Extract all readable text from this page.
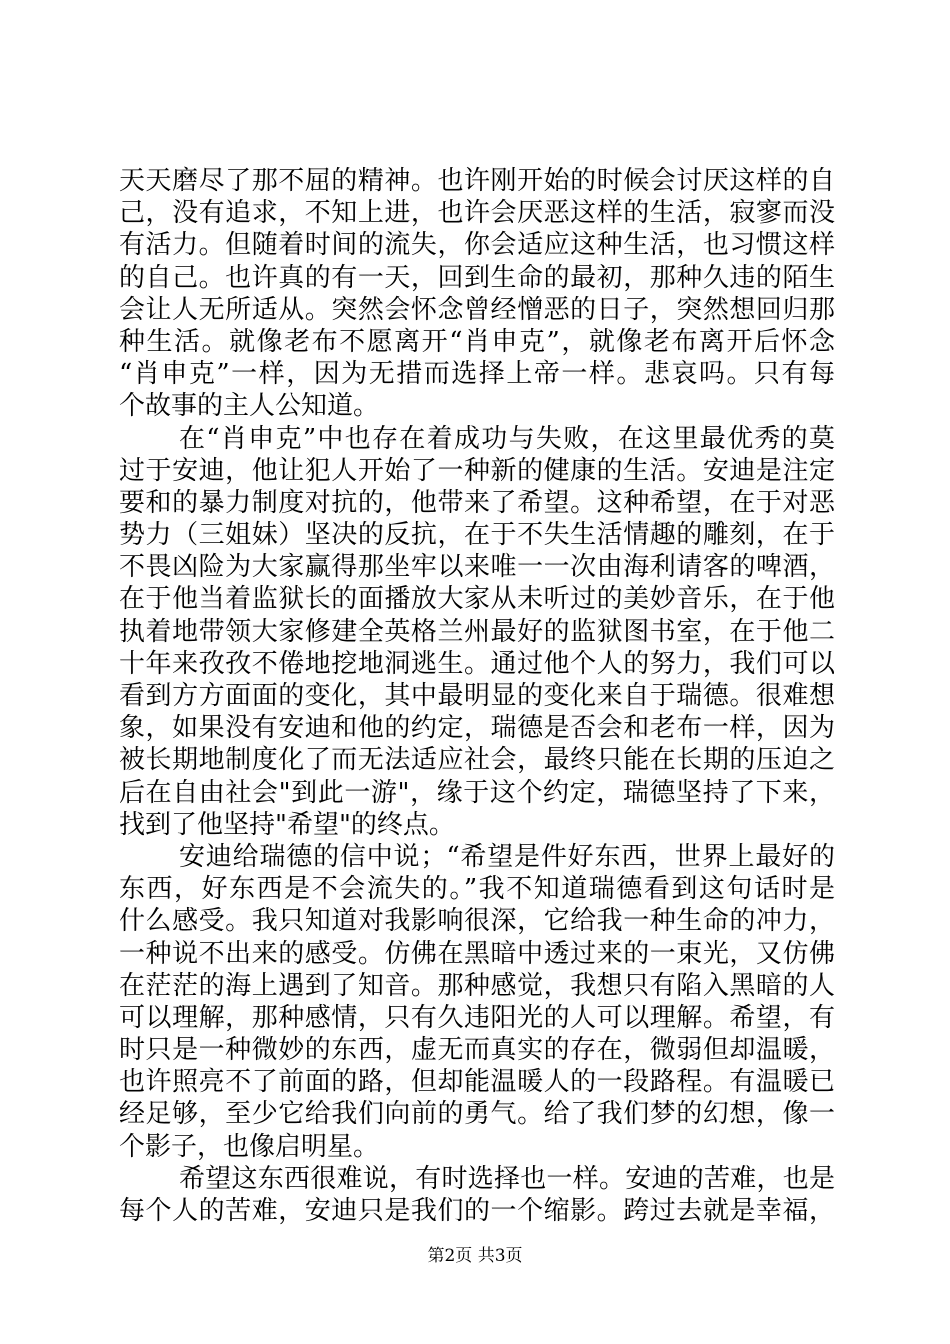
天天磨尽了那不屈的精神。也许刚开始的时候会讨厌这样的自
己，没有追求，不知上进，也许会厌恶这样的生活，寂寥而没
有活力。但随着时间的流失，你会适应这种生活，也习惯这样
的自己。也许真的有一天，回到生命的最初，那种久违的陌生
会让人无所适从。突然会怀念曾经憎恶的日子，突然想回归那
种生活。就像老布不愿离开“肖申克”，就像老布离开后怀念
“肖申克”一样，因为无措而选择上帝一样。悲哀吗。只有每
个故事的主人公知道。
在“肖申克”中也存在着成功与失败，在这里最优秀的莫
过于安迪，他让犯人开始了一种新的健康的生活。安迪是注定
要和的暴力制度对抗的，他带来了希望。这种希望，在于对恶
势力（三姐妹）坚决的反抗，在于不失生活情趣的雕刻，在于
不畏凶险为大家赢得那坐牢以来唯一一次由海利请客的啤酒，
在于他当着监狱长的面播放大家从未听过的美妙音乐，在于他
执着地带领大家修建全英格兰州最好的监狱图书室，在于他二
十年来孜孜不倦地挖地洞逃生。通过他个人的努力，我们可以
看到方方面面的变化，其中最明显的变化来自于瑞德。很难想
象，如果没有安迪和他的约定，瑞德是否会和老布一样，因为
被长期地制度化了而无法适应社会，最终只能在长期的压迫之
后在自由社会"到此一游"，缘于这个约定，瑞德坚持了下来，
找到了他坚持"希望"的终点。
安迪给瑞德的信中说；“希望是件好东西，世界上最好的
东西，好东西是不会流失的。”我不知道瑞德看到这句话时是
什么感受。我只知道对我影响很深，它给我一种生命的冲力，
一种说不出来的感受。仿佛在黑暗中透过来的一束光，又仿佛
在茫茫的海上遇到了知音。那种感觉，我想只有陷入黑暗的人
可以理解，那种感情，只有久违阳光的人可以理解。希望，有
时只是一种微妙的东西，虚无而真实的存在，微弱但却温暖，
也许照亮不了前面的路，但却能温暖人的一段路程。有温暖已
经足够，至少它给我们向前的勇气。给了我们梦的幻想，像一
个影子，也像启明星。
希望这东西很难说，有时选择也一样。安迪的苦难，也是
每个人的苦难，安迪只是我们的一个缩影。跨过去就是幸福，
第2页 共3页
